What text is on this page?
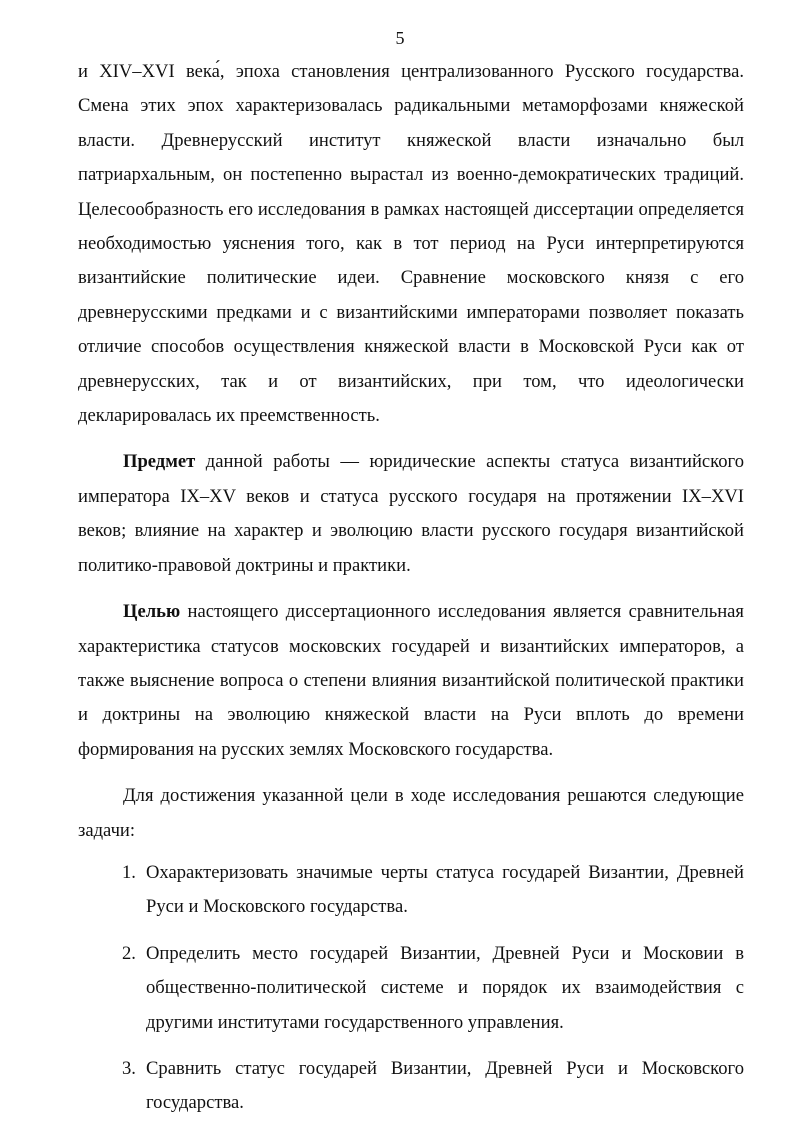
5

и XIV–XVI века́, эпоха становления централизованного Русского государства. Смена этих эпох характеризовалась радикальными метаморфозами княжеской власти. Древнерусский институт княжеской власти изначально был патриархальным, он постепенно вырастал из военно-демократических традиций. Целесообразность его исследования в рамках настоящей диссертации определяется необходимостью уяснения того, как в тот период на Руси интерпретируются византийские политические идеи. Сравнение московского князя с его древнерусскими предками и с византийскими императорами позволяет показать отличие способов осуществления княжеской власти в Московской Руси как от древнерусских, так и от византийских, при том, что идеологически декларировалась их преемственность.

Предмет данной работы — юридические аспекты статуса византийского императора IX–XV веков и статуса русского государя на протяжении IX–XVI веков; влияние на характер и эволюцию власти русского государя византийской политико-правовой доктрины и практики.

Целью настоящего диссертационного исследования является сравнительная характеристика статусов московских государей и византийских императоров, а также выяснение вопроса о степени влияния византийской политической практики и доктрины на эволюцию княжеской власти на Руси вплоть до времени формирования на русских землях Московского государства.

Для достижения указанной цели в ходе исследования решаются следующие задачи:

1. Охарактеризовать значимые черты статуса государей Византии, Древней Руси и Московского государства.
2. Определить место государей Византии, Древней Руси и Московии в общественно-политической системе и порядок их взаимодействия с другими институтами государственного управления.
3. Сравнить статус государей Византии, Древней Руси и Московского государства.
